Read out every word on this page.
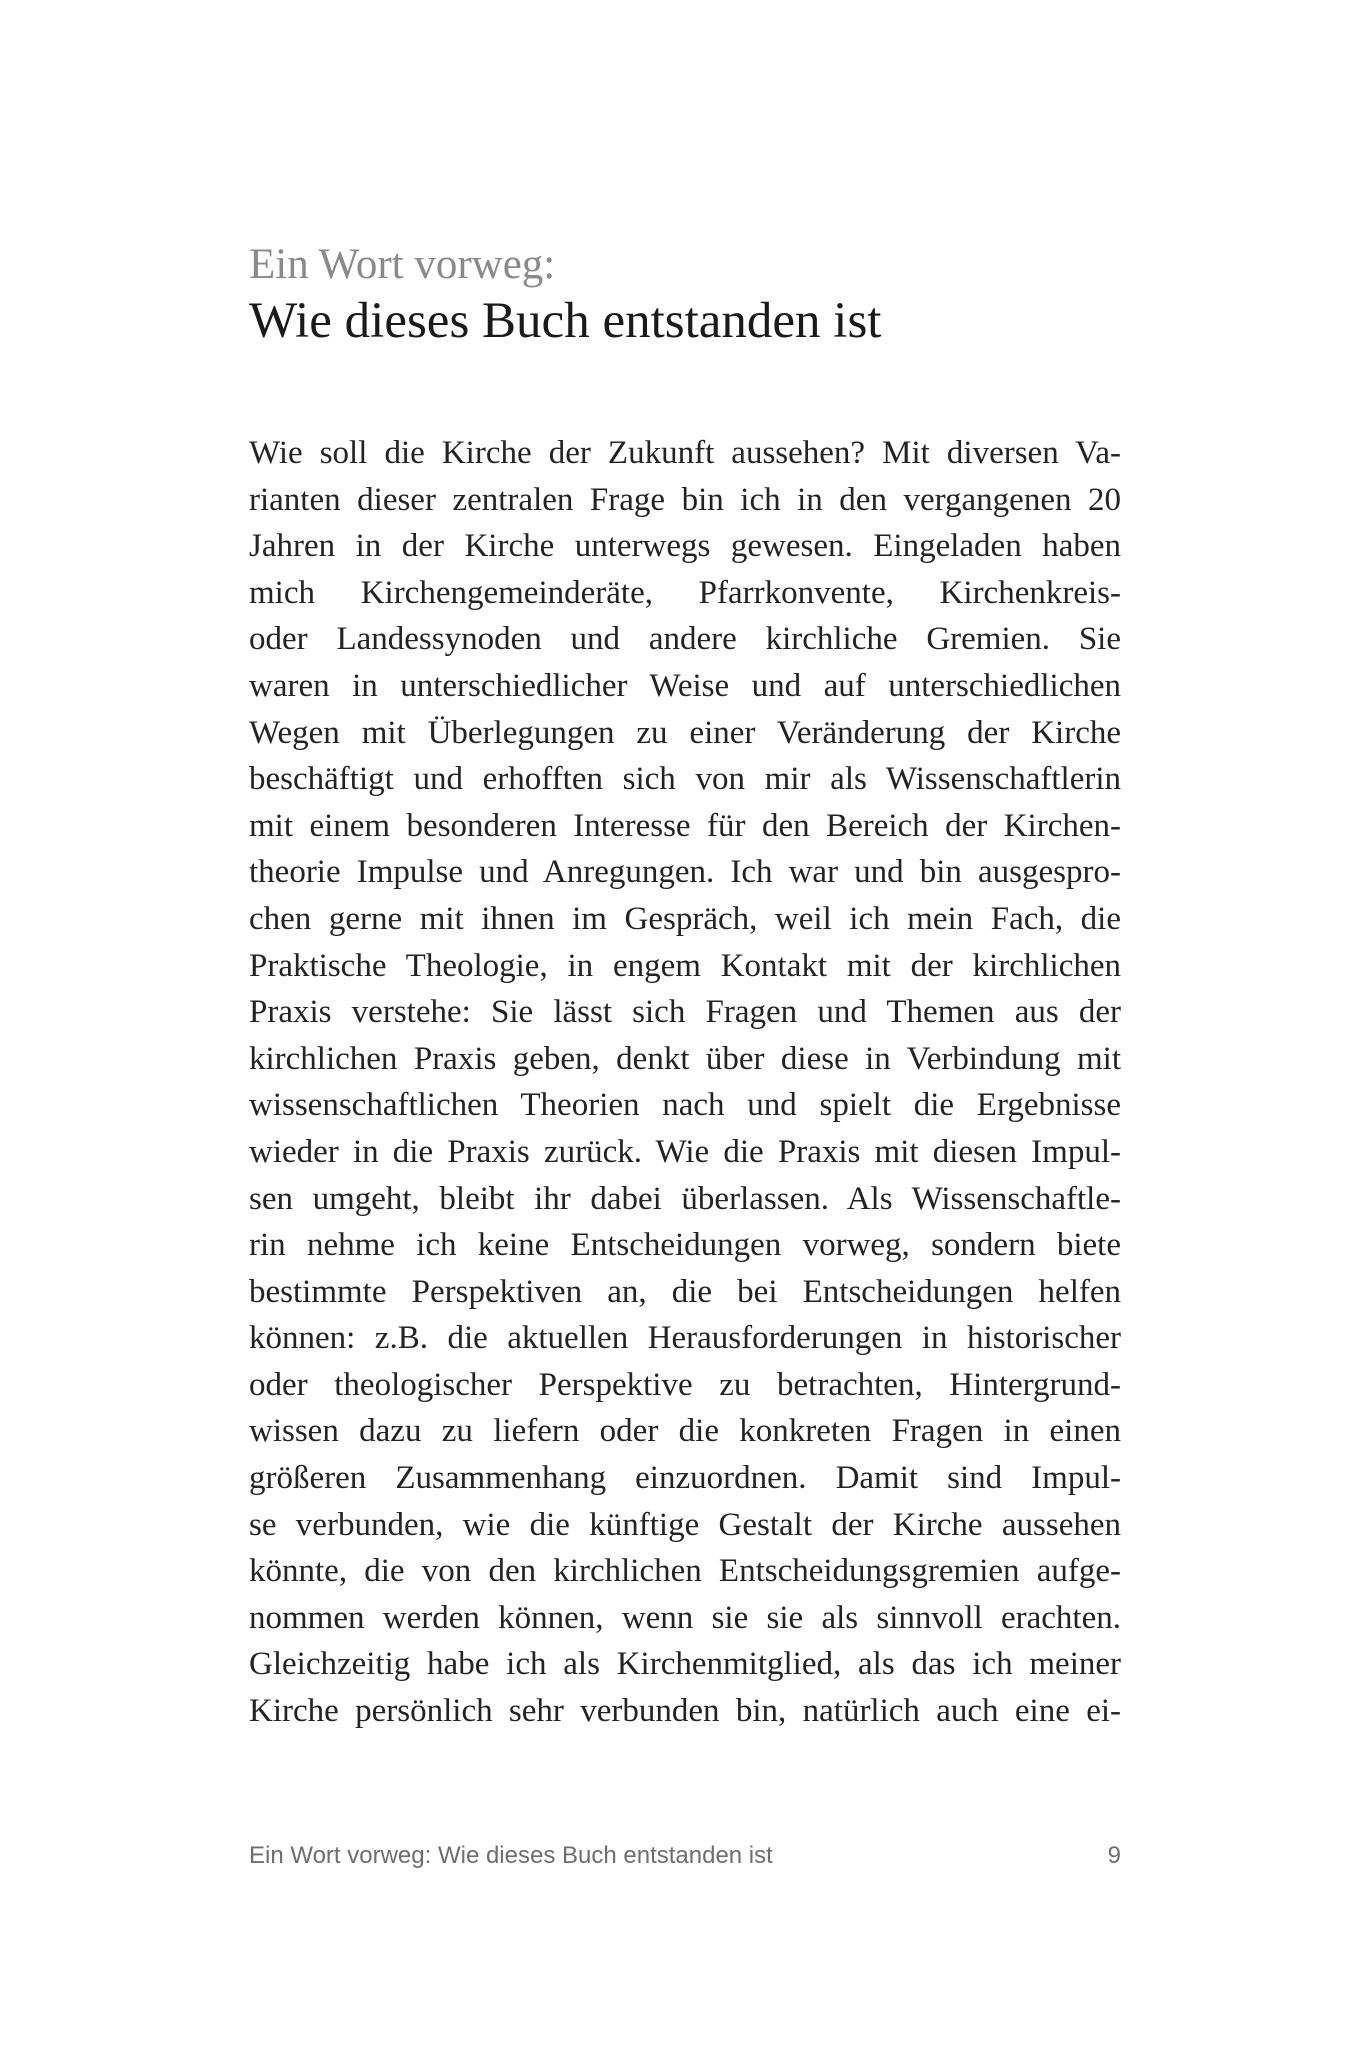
Ein Wort vorweg:
Wie dieses Buch entstanden ist
Wie soll die Kirche der Zukunft aussehen? Mit diversen Va-
rianten dieser zentralen Frage bin ich in den vergangenen 20
Jahren in der Kirche unterwegs gewesen. Eingeladen haben
mich Kirchengemeinderäte, Pfarrkonvente, Kirchenkreis-
oder Landessynoden und andere kirchliche Gremien. Sie
waren in unterschiedlicher Weise und auf unterschiedlichen
Wegen mit Überlegungen zu einer Veränderung der Kirche
beschäftigt und erhofften sich von mir als Wissenschaftlerin
mit einem besonderen Interesse für den Bereich der Kirchen-
theorie Impulse und Anregungen. Ich war und bin ausgespro-
chen gerne mit ihnen im Gespräch, weil ich mein Fach, die
Praktische Theologie, in engem Kontakt mit der kirchlichen
Praxis verstehe: Sie lässt sich Fragen und Themen aus der
kirchlichen Praxis geben, denkt über diese in Verbindung mit
wissenschaftlichen Theorien nach und spielt die Ergebnisse
wieder in die Praxis zurück. Wie die Praxis mit diesen Impul-
sen umgeht, bleibt ihr dabei überlassen. Als Wissenschaftle-
rin nehme ich keine Entscheidungen vorweg, sondern biete
bestimmte Perspektiven an, die bei Entscheidungen helfen
können: z.B. die aktuellen Herausforderungen in historischer
oder theologischer Perspektive zu betrachten, Hintergrund-
wissen dazu zu liefern oder die konkreten Fragen in einen
größeren Zusammenhang einzuordnen. Damit sind Impul-
se verbunden, wie die künftige Gestalt der Kirche aussehen
könnte, die von den kirchlichen Entscheidungsgremien aufge-
nommen werden können, wenn sie sie als sinnvoll erachten.
Gleichzeitig habe ich als Kirchenmitglied, als das ich meiner
Kirche persönlich sehr verbunden bin, natürlich auch eine ei-
Ein Wort vorweg: Wie dieses Buch entstanden ist	9
